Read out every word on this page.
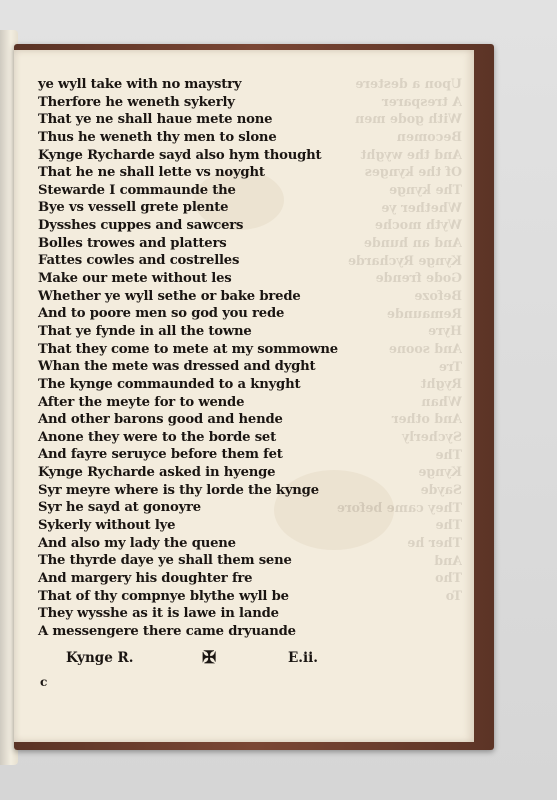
Upon a destere
A tresparer
With gode men
Becomen
And the wyght
Of the kynges
The kynge
Whether ye
Wyth moche
And an hunde
Kynge Rycharde
Gode frende
Befoze
Remaunde
Hyre
And soone
Tre
Ryght
Whan
And other
Sycherly
The
Kynge
Sayde
They came before
The
Ther he
And
Tho
To
ye wyll take with no maystry
Therfore he weneth sykerly
That ye ne shall haue mete none
Thus he weneth thy men to slone
Kynge Rycharde sayd also hym thought
That he ne shall lette vs noyght
Stewarde I commaunde the
Bye vs vessell grete plente
Dysshes cuppes and sawcers
Bolles trowes and platters
Fattes cowles and costrelles
Make our mete without les
Whether ye wyll sethe or bake brede
And to poore men so god you rede
That ye fynde in all the towne
That they come to mete at my sommowne
Whan the mete was dressed and dyght
The kynge commaunded to a knyght
After the meyte for to wende
And other barons good and hende
Anone they were to the borde set
And fayre seruyce before them fet
Kynge Rycharde asked in hyenge
Syr meyre where is thy lorde the kynge
Syr he sayd at gonoyre
Sykerly without lye
And also my lady the quene
The thyrde daye ye shall them sene
And margery his doughter fre
That of thy compnye blythe wyll be
They wysshe as it is lawe in lande
A messengere there came dryuande
Kynge R.	✠	E.ii.
c
